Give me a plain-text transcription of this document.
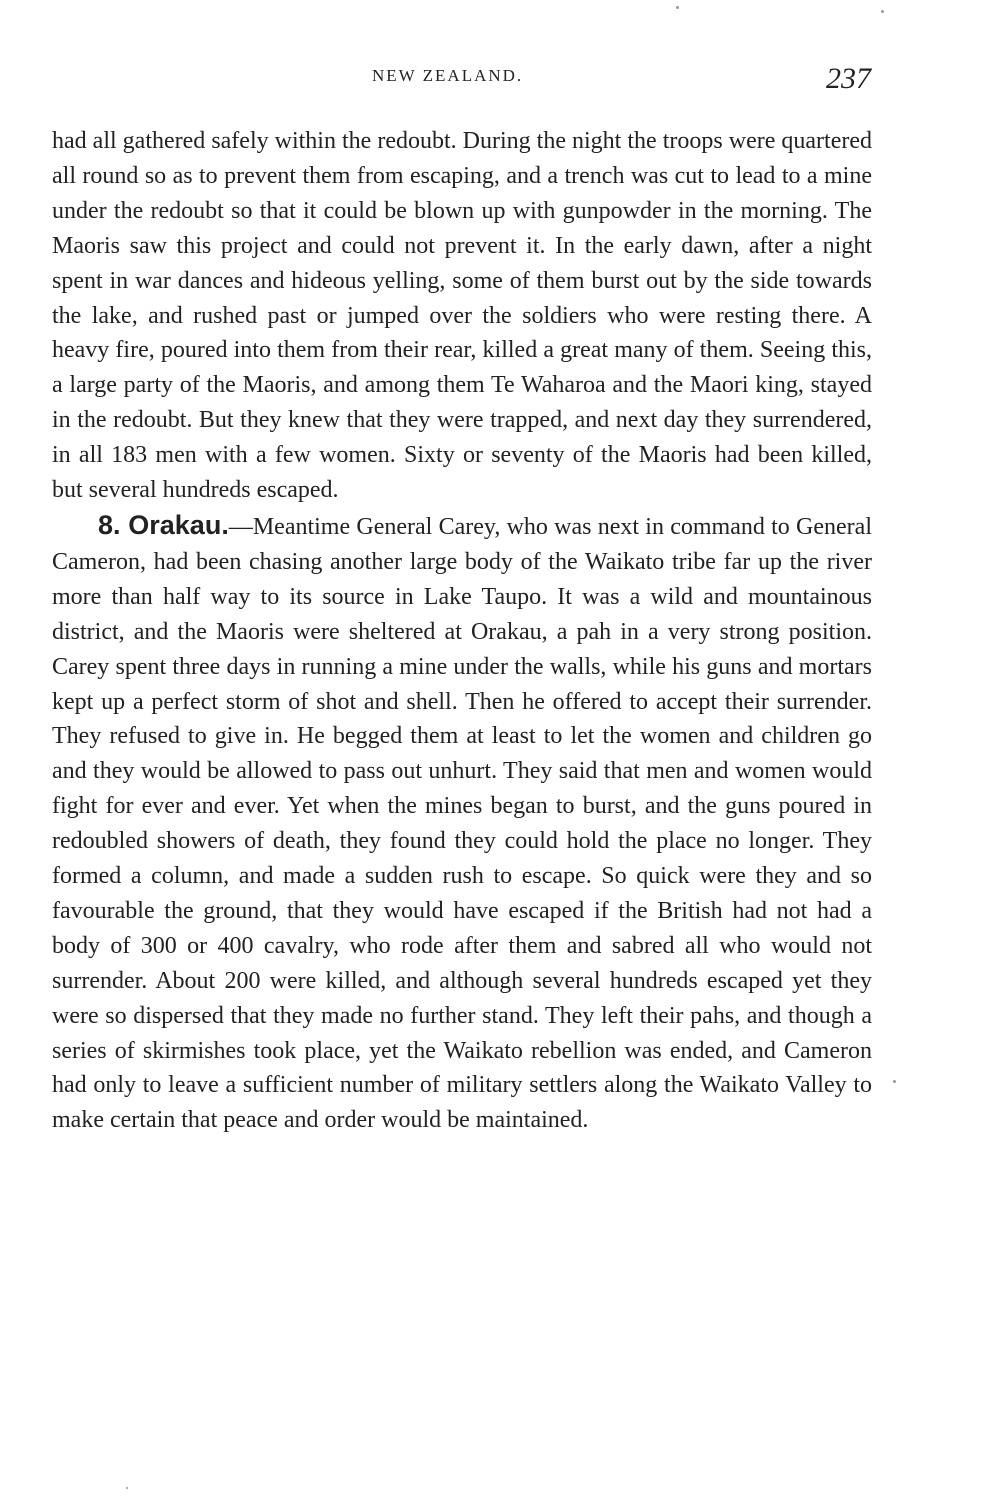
NEW ZEALAND.	237

had all gathered safely within the redoubt. During the night the troops were quartered all round so as to prevent them from escaping, and a trench was cut to lead to a mine under the redoubt so that it could be blown up with gunpowder in the morning. The Maoris saw this project and could not prevent it. In the early dawn, after a night spent in war dances and hideous yelling, some of them burst out by the side towards the lake, and rushed past or jumped over the soldiers who were resting there. A heavy fire, poured into them from their rear, killed a great many of them. Seeing this, a large party of the Maoris, and among them Te Waharoa and the Maori king, stayed in the redoubt. But they knew that they were trapped, and next day they surrendered, in all 183 men with a few women. Sixty or seventy of the Maoris had been killed, but several hundreds escaped.

8. Orakau.—Meantime General Carey, who was next in command to General Cameron, had been chasing another large body of the Waikato tribe far up the river more than half way to its source in Lake Taupo. It was a wild and mountainous district, and the Maoris were sheltered at Orakau, a pah in a very strong position. Carey spent three days in running a mine under the walls, while his guns and mortars kept up a perfect storm of shot and shell. Then he offered to accept their surrender. They refused to give in. He begged them at least to let the women and children go and they would be allowed to pass out unhurt. They said that men and women would fight for ever and ever. Yet when the mines began to burst, and the guns poured in redoubled showers of death, they found they could hold the place no longer. They formed a column, and made a sudden rush to escape. So quick were they and so favourable the ground, that they would have escaped if the British had not had a body of 300 or 400 cavalry, who rode after them and sabred all who would not surrender. About 200 were killed, and although several hundreds escaped yet they were so dispersed that they made no further stand. They left their pahs, and though a series of skirmishes took place, yet the Waikato rebellion was ended, and Cameron had only to leave a sufficient number of military settlers along the Waikato Valley to make certain that peace and order would be maintained.
